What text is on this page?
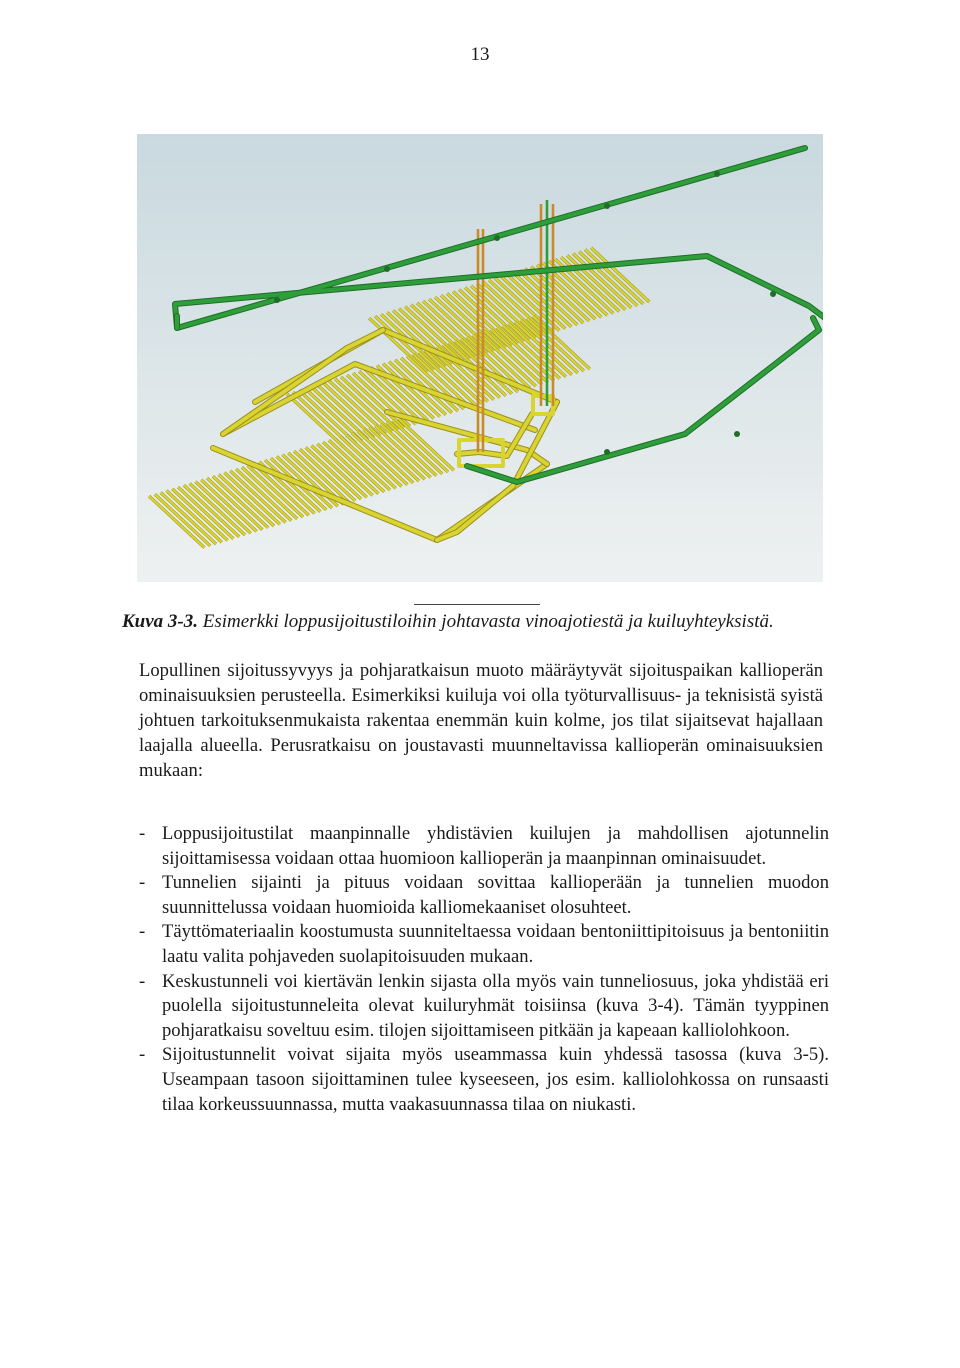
13
Kuva 3-3. Esimerkki loppusijoitustiloihin johtavasta vinoajotiestä ja kuiluyhteyksistä.

Lopullinen sijoitussyvyys ja pohjaratkaisun muoto määräytyvät sijoituspaikan kallioperän ominaisuuksien perusteella. Esimerkiksi kuiluja voi olla työturvallisuus- ja teknisistä syistä johtuen tarkoituksenmukaista rakentaa enemmän kuin kolme, jos tilat sijaitsevat hajallaan laajalla alueella. Perusratkaisu on joustavasti muunneltavissa kallioperän ominaisuuksien mukaan:

- Loppusijoitustilat maanpinnalle yhdistävien kuilujen ja mahdollisen ajotunnelin sijoittamisessa voidaan ottaa huomioon kallioperän ja maanpinnan ominaisuudet.
- Tunnelien sijainti ja pituus voidaan sovittaa kallioperään ja tunnelien muodon suunnittelussa voidaan huomioida kalliomekaaniset olosuhteet.
- Täyttömateriaalin koostumusta suunniteltaessa voidaan bentoniittipitoisuus ja bentoniitin laatu valita pohjaveden suolapitoisuuden mukaan.
- Keskustunneli voi kiertävän lenkin sijasta olla myös vain tunneliosuus, joka yhdistää eri puolella sijoitustunneleita olevat kuiluryhmät toisiinsa (kuva 3-4). Tämän tyyppinen pohjaratkaisu soveltuu esim. tilojen sijoittamiseen pitkään ja kapeaan kalliolohkoon.
- Sijoitustunnelit voivat sijaita myös useammassa kuin yhdessä tasossa (kuva 3-5). Useampaan tasoon sijoittaminen tulee kyseeseen, jos esim. kalliolohkossa on runsaasti tilaa korkeussuunnassa, mutta vaakasuunnassa tilaa on niukasti.
